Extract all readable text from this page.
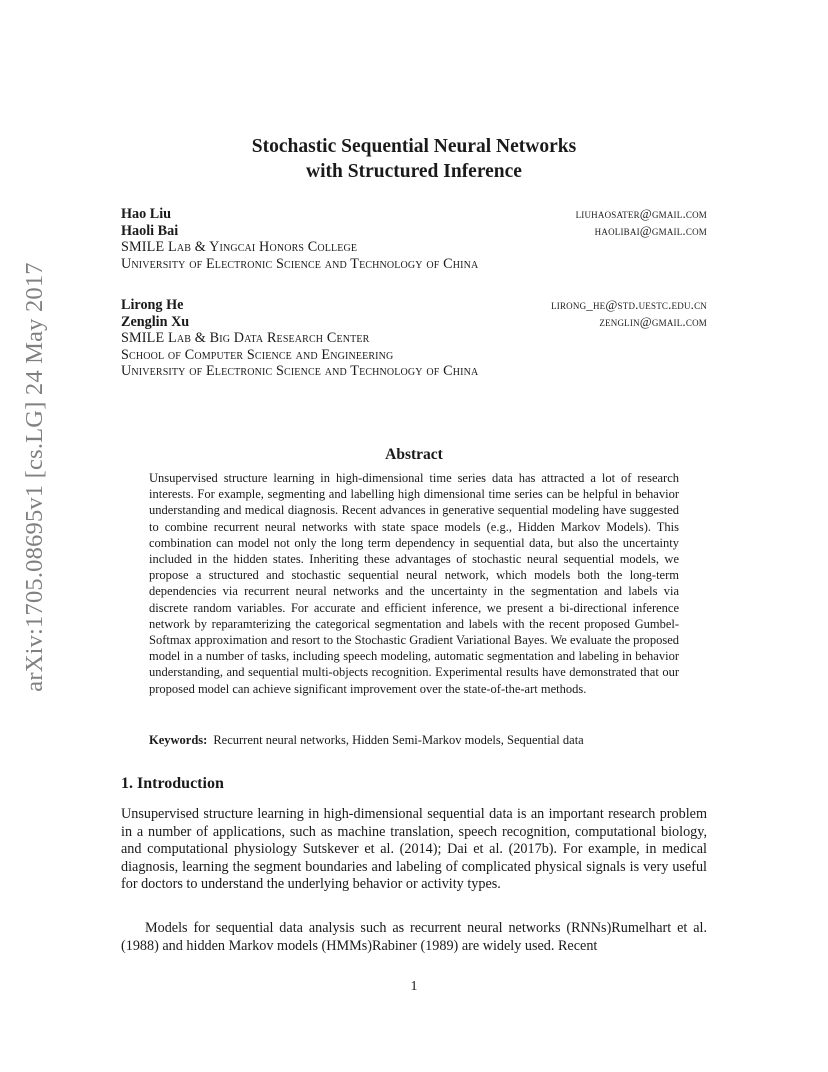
arXiv:1705.08695v1 [cs.LG] 24 May 2017
Stochastic Sequential Neural Networks
with Structured Inference
Hao Liu	liuhaosater@gmail.com
Haoli Bai	haolibai@gmail.com
SMILE Lab & Yingcai Honors College
University of Electronic Science and Technology of China
Lirong He	lirong_he@std.uestc.edu.cn
Zenglin Xu	zenglin@gmail.com
SMILE Lab & Big Data Research Center
School of Computer Science and Engineering
University of Electronic Science and Technology of China
Abstract
Unsupervised structure learning in high-dimensional time series data has attracted a lot of research interests. For example, segmenting and labelling high dimensional time series can be helpful in behavior understanding and medical diagnosis. Recent advances in generative sequential modeling have suggested to combine recurrent neural networks with state space models (e.g., Hidden Markov Models). This combination can model not only the long term dependency in sequential data, but also the uncertainty included in the hidden states. Inheriting these advantages of stochastic neural sequential models, we propose a structured and stochastic sequential neural network, which models both the long-term dependencies via recurrent neural networks and the uncertainty in the segmentation and labels via discrete random variables. For accurate and efficient inference, we present a bi-directional inference network by reparamterizing the categorical segmentation and labels with the recent proposed Gumbel-Softmax approximation and resort to the Stochastic Gradient Variational Bayes. We evaluate the proposed model in a number of tasks, including speech modeling, automatic segmentation and labeling in behavior understanding, and sequential multi-objects recognition. Experimental results have demonstrated that our proposed model can achieve significant improvement over the state-of-the-art methods.
Keywords: Recurrent neural networks, Hidden Semi-Markov models, Sequential data
1. Introduction
Unsupervised structure learning in high-dimensional sequential data is an important research problem in a number of applications, such as machine translation, speech recognition, computational biology, and computational physiology Sutskever et al. (2014); Dai et al. (2017b). For example, in medical diagnosis, learning the segment boundaries and labeling of complicated physical signals is very useful for doctors to understand the underlying behavior or activity types.
Models for sequential data analysis such as recurrent neural networks (RNNs)Rumelhart et al. (1988) and hidden Markov models (HMMs)Rabiner (1989) are widely used. Recent
1
